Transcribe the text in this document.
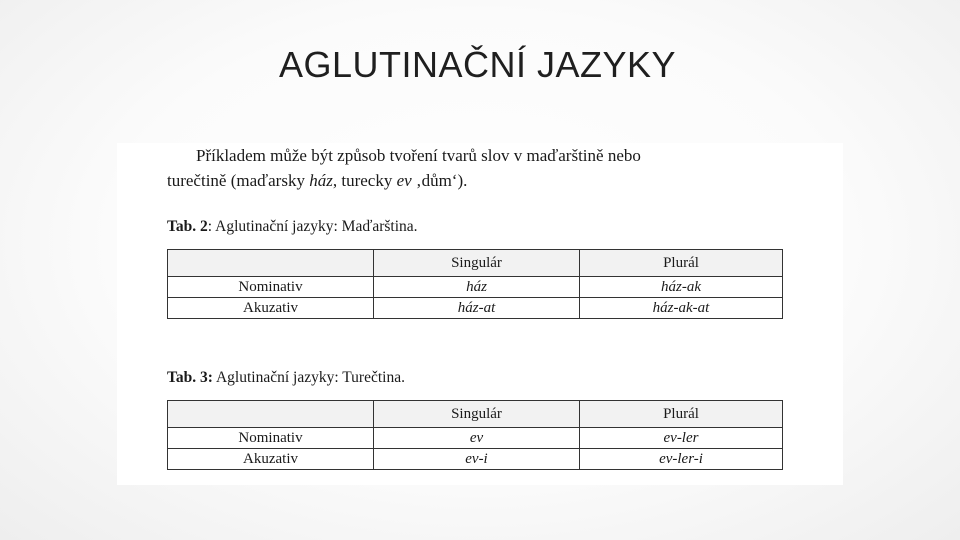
AGLUTINAČNÍ JAZYKY
Příkladem může být způsob tvoření tvarů slov v maďarštině nebo
turečtině (maďarsky ház, turecky ev ‚dům‘).
Tab. 2: Aglutinační jazyky: Maďarština.
	Singulár	Plurál
Nominativ	ház	ház-ak
Akuzativ	ház-at	ház-ak-at
Tab. 3: Aglutinační jazyky: Turečtina.
	Singulár	Plurál
Nominativ	ev	ev-ler
Akuzativ	ev-i	ev-ler-i
